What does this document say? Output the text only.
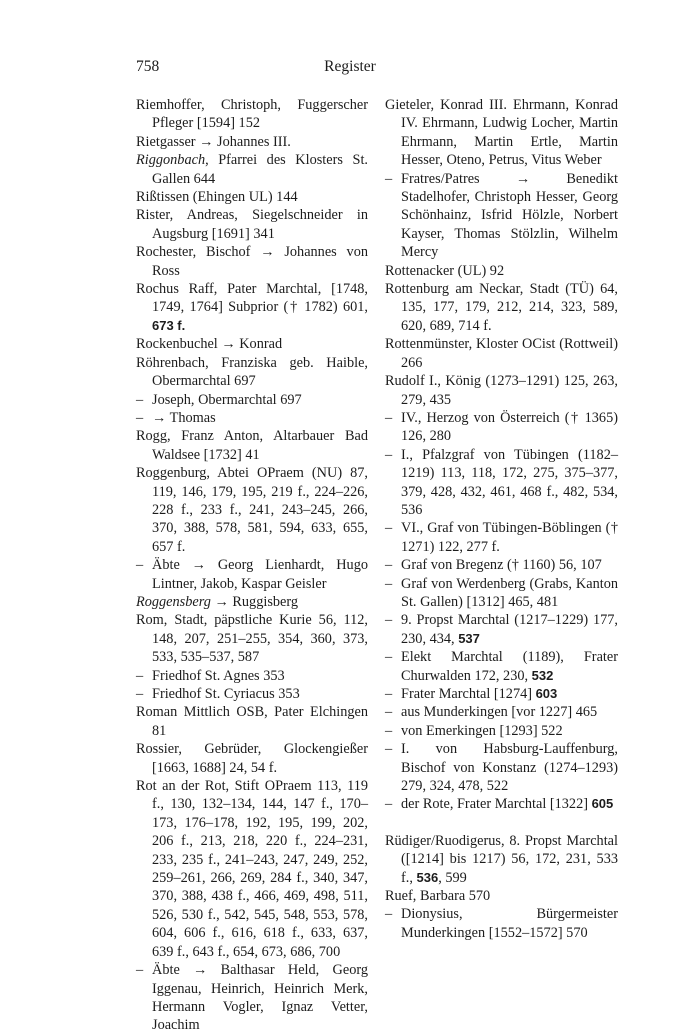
758	Register
Riemhoffer, Christoph, Fuggerscher Pfleger [1594] 152
Rietgasser → Johannes III.
Riggonbach, Pfarrei des Klosters St. Gallen 644
Rißtissen (Ehingen UL) 144
Rister, Andreas, Siegelschneider in Augsburg [1691] 341
Rochester, Bischof → Johannes von Ross
Rochus Raff, Pater Marchtal, [1748, 1749, 1764] Subprior († 1782) 601, 673 f.
Rockenbuchel → Konrad
Röhrenbach, Franziska geb. Haible, Obermarchtal 697
– Joseph, Obermarchtal 697
– → Thomas
Rogg, Franz Anton, Altarbauer Bad Waldsee [1732] 41
Roggenburg, Abtei OPraem (NU) 87, 119, 146, 179, 195, 219 f., 224–226, 228 f., 233 f., 241, 243–245, 266, 370, 388, 578, 581, 594, 633, 655, 657 f.
– Äbte → Georg Lienhardt, Hugo Lintner, Jakob, Kaspar Geisler
Roggensberg → Ruggisberg
Rom, Stadt, päpstliche Kurie 56, 112, 148, 207, 251–255, 354, 360, 373, 533, 535–537, 587
– Friedhof St. Agnes 353
– Friedhof St. Cyriacus 353
Roman Mittlich OSB, Pater Elchingen 81
Rossier, Gebrüder, Glockengießer [1663, 1688] 24, 54 f.
Rot an der Rot, Stift OPraem 113, 119 f., 130, 132–134, 144, 147 f., 170–173, 176–178, 192, 195, 199, 202, 206 f., 213, 218, 220 f., 224–231, 233, 235 f., 241–243, 247, 249, 252, 259–261, 266, 269, 284 f., 340, 347, 370, 388, 438 f., 466, 469, 498, 511, 526, 530 f., 542, 545, 548, 553, 578, 604, 606 f., 616, 618 f., 633, 637, 639 f., 643 f., 654, 673, 686, 700
– Äbte → Balthasar Held, Georg Iggenau, Heinrich, Heinrich Merk, Hermann Vogler, Ignaz Vetter, Joachim
Gieteler, Konrad III. Ehrmann, Konrad IV. Ehrmann, Ludwig Locher, Martin Ehrmann, Martin Ertle, Martin Hesser, Oteno, Petrus, Vitus Weber
– Fratres/Patres → Benedikt Stadelhofer, Christoph Hesser, Georg Schönhainz, Isfrid Hölzle, Norbert Kayser, Thomas Stölzlin, Wilhelm Mercy
Rottenacker (UL) 92
Rottenburg am Neckar, Stadt (TÜ) 64, 135, 177, 179, 212, 214, 323, 589, 620, 689, 714 f.
Rottenmünster, Kloster OCist (Rottweil) 266
Rudolf I., König (1273–1291) 125, 263, 279, 435
– IV., Herzog von Österreich († 1365) 126, 280
– I., Pfalzgraf von Tübingen (1182–1219) 113, 118, 172, 275, 375–377, 379, 428, 432, 461, 468 f., 482, 534, 536
– VI., Graf von Tübingen-Böblingen († 1271) 122, 277 f.
– Graf von Bregenz († 1160) 56, 107
– Graf von Werdenberg (Grabs, Kanton St. Gallen) [1312] 465, 481
– 9. Propst Marchtal (1217–1229) 177, 230, 434, 537
– Elekt Marchtal (1189), Frater Churwalden 172, 230, 532
– Frater Marchtal [1274] 603
– aus Munderkingen [vor 1227] 465
– von Emerkingen [1293] 522
– I. von Habsburg-Lauffenburg, Bischof von Konstanz (1274–1293) 279, 324, 478, 522
– der Rote, Frater Marchtal [1322] 605
Rüdiger/Ruodigerus, 8. Propst Marchtal ([1214] bis 1217) 56, 172, 231, 533 f., 536, 599
Ruef, Barbara 570
– Dionysius, Bürgermeister Munderkingen [1552–1572] 570
